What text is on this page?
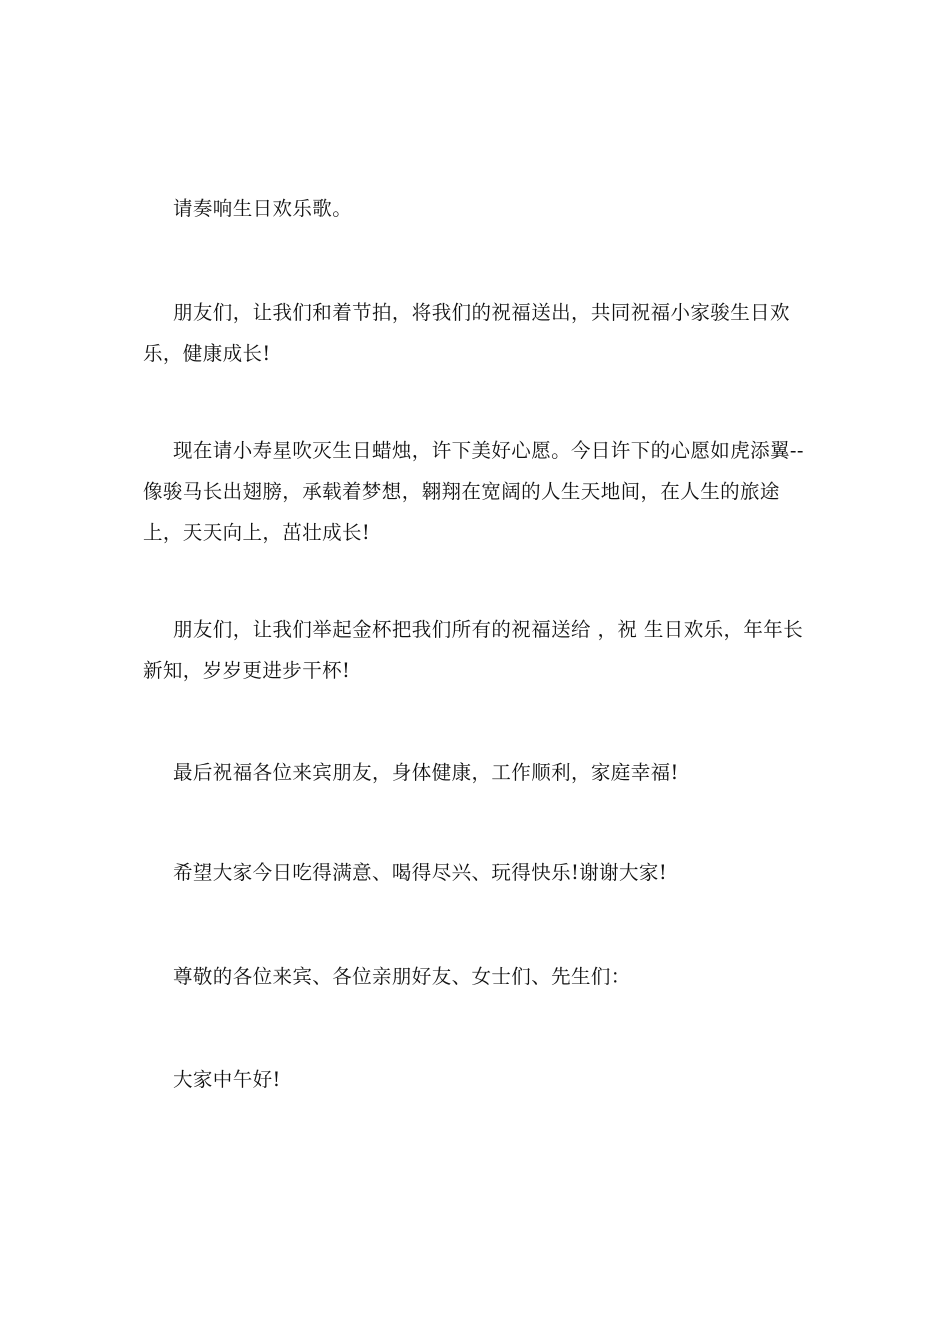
请奏响生日欢乐歌。

朋友们，让我们和着节拍，将我们的祝福送出，共同祝福小家骏生日欢乐，健康成长!

现在请小寿星吹灭生日蜡烛，许下美好心愿。今日许下的心愿如虎添翼--像骏马长出翅膀，承载着梦想，翱翔在宽阔的人生天地间，在人生的旅途上，天天向上，茁壮成长!

朋友们，让我们举起金杯把我们所有的祝福送给 ，祝 生日欢乐，年年长新知，岁岁更进步干杯!

最后祝福各位来宾朋友，身体健康，工作顺利，家庭幸福!

希望大家今日吃得满意、喝得尽兴、玩得快乐!谢谢大家!

尊敬的各位来宾、各位亲朋好友、女士们、先生们：

大家中午好!
